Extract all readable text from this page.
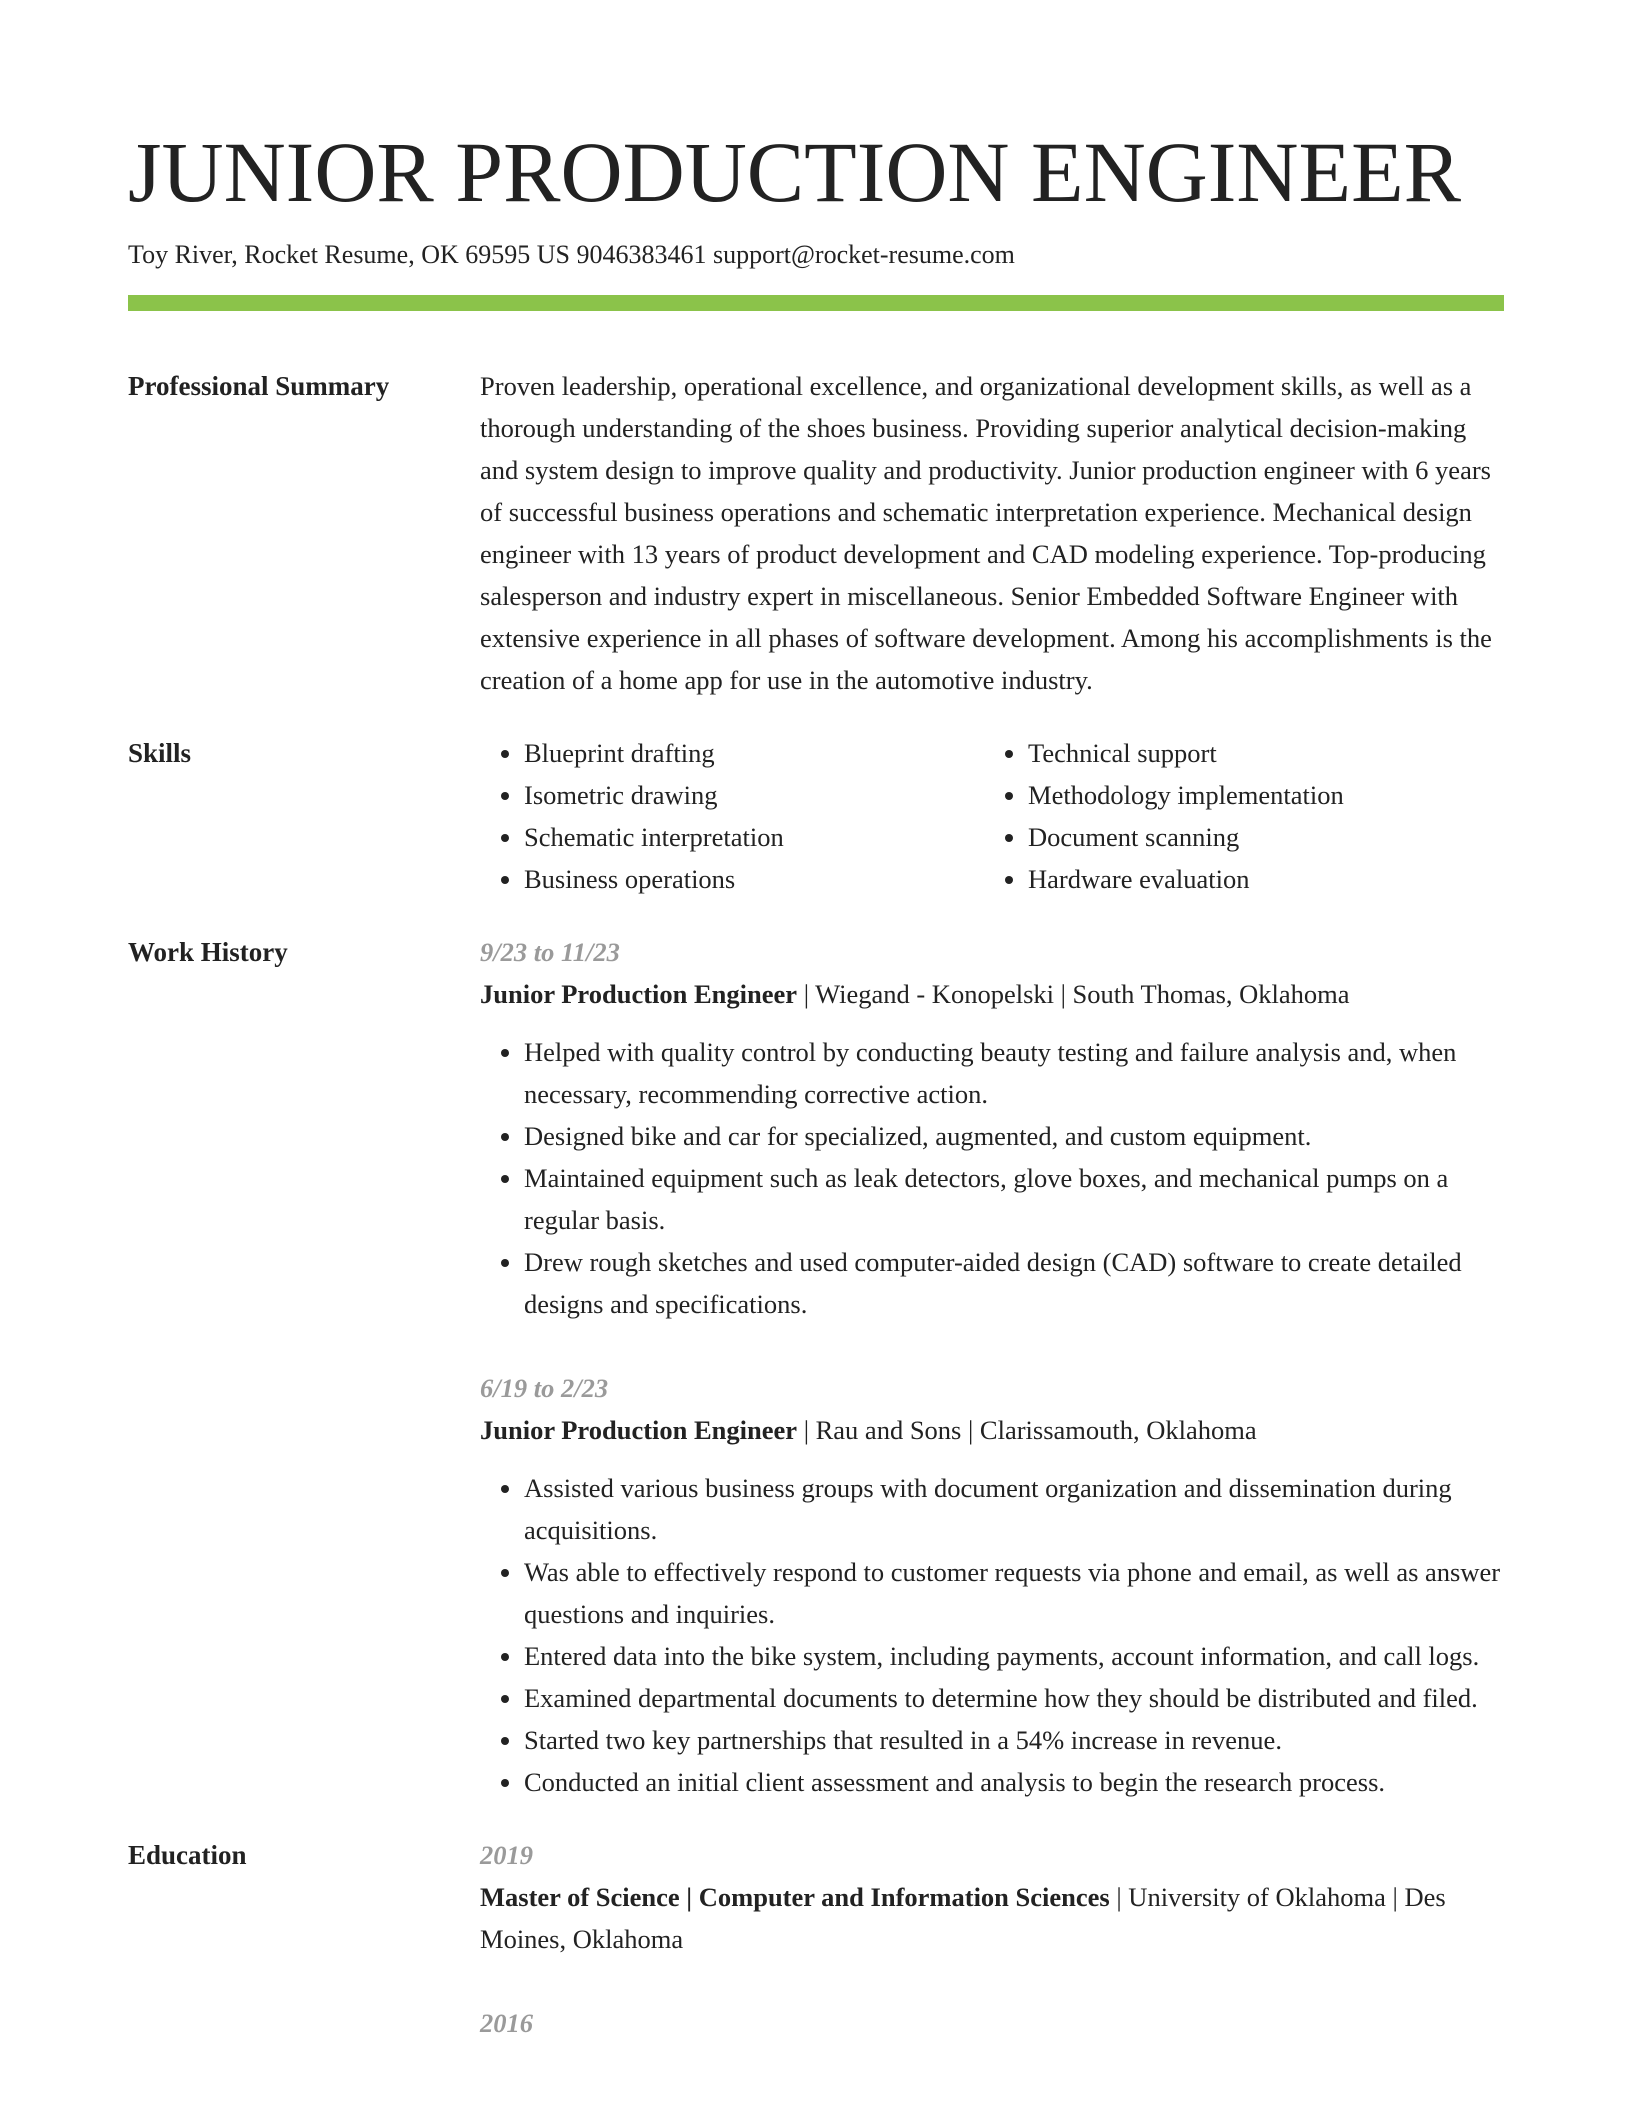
JUNIOR PRODUCTION ENGINEER
Toy River, Rocket Resume, OK 69595 US 9046383461 support@rocket-resume.com
Professional Summary	Proven leadership, operational excellence, and organizational development skills, as well as a thorough understanding of the shoes business. Providing superior analytical decision-making and system design to improve quality and productivity. Junior production engineer with 6 years of successful business operations and schematic interpretation experience. Mechanical design engineer with 13 years of product development and CAD modeling experience. Top-producing salesperson and industry expert in miscellaneous. Senior Embedded Software Engineer with extensive experience in all phases of software development. Among his accomplishments is the creation of a home app for use in the automotive industry.

Skills
•	Blueprint drafting
• Isometric drawing
• Schematic interpretation
• Business operations
• Technical support
• Methodology implementation
• Document scanning
• Hardware evaluation
Work History	9/23 to 11/23
Junior Production Engineer | Wiegand - Konopelski | South Thomas, Oklahoma
• Helped with quality control by conducting beauty testing and failure analysis and, when necessary, recommending corrective action.
• Designed bike and car for specialized, augmented, and custom equipment.
• Maintained equipment such as leak detectors, glove boxes, and mechanical pumps on a regular basis.
• Drew rough sketches and used computer-aided design (CAD) software to create detailed designs and specifications.
6/19 to 2/23
Junior Production Engineer | Rau and Sons | Clarissamouth, Oklahoma
• Assisted various business groups with document organization and dissemination during acquisitions.
• Was able to effectively respond to customer requests via phone and email, as well as answer questions and inquiries.
• Entered data into the bike system, including payments, account information, and call logs.
• Examined departmental documents to determine how they should be distributed and filed.
• Started two key partnerships that resulted in a 54% increase in revenue.
• Conducted an initial client assessment and analysis to begin the research process.
Education	2019
Master of Science | Computer and Information Sciences | University of Oklahoma | Des Moines, Oklahoma
2016
